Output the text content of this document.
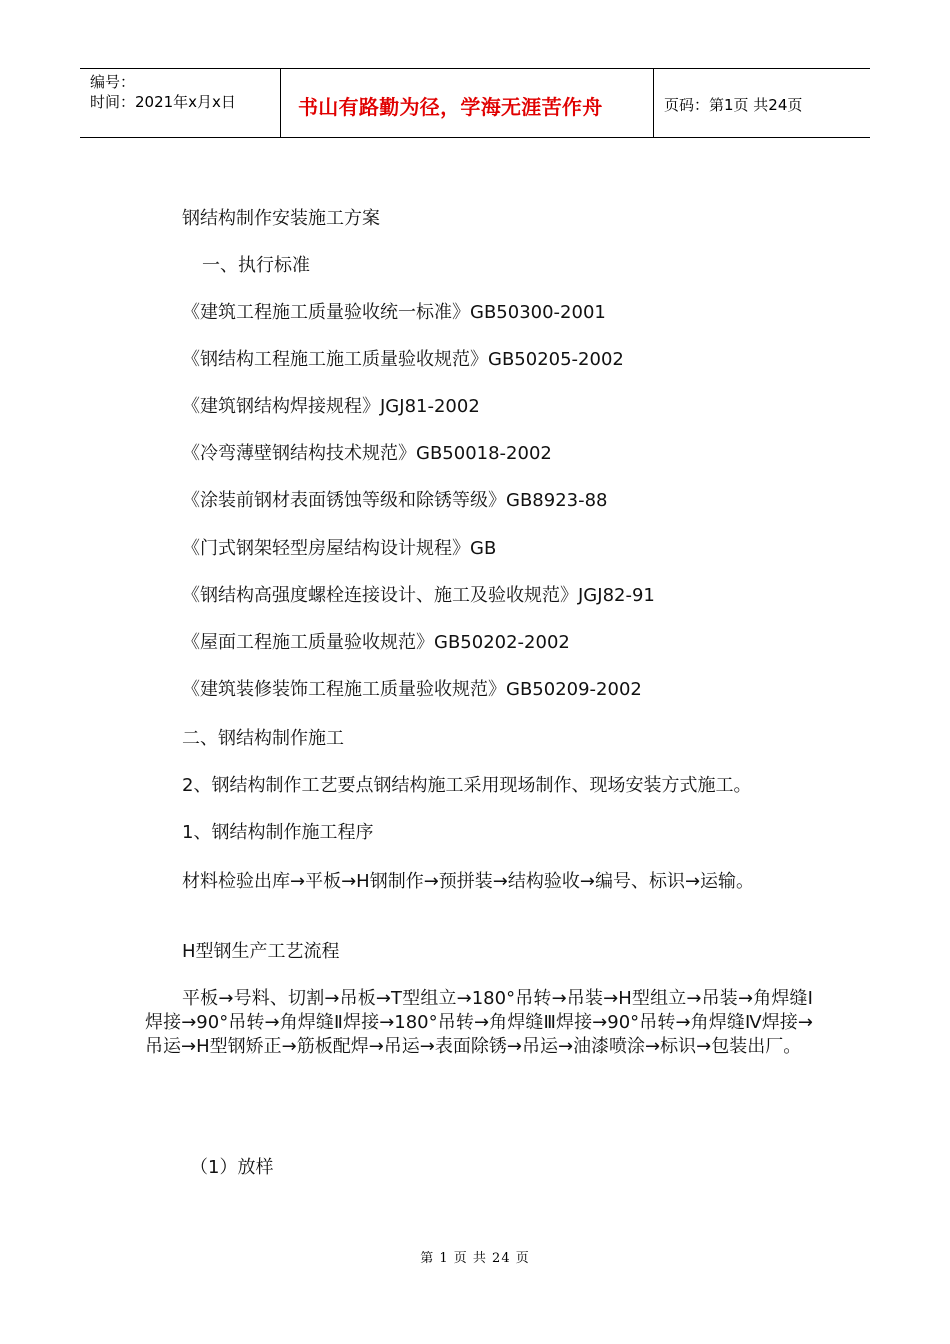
编号：
时间：2021年x月x日	书山有路勤为径，学海无涯苦作舟	页码：第1页 共24页
钢结构制作安装施工方案
一、执行标准
《建筑工程施工质量验收统一标准》GB50300-2001
《钢结构工程施工施工质量验收规范》GB50205-2002
《建筑钢结构焊接规程》JGJ81-2002
《冷弯薄壁钢结构技术规范》GB50018-2002
《涂装前钢材表面锈蚀等级和除锈等级》GB8923-88
《门式钢架轻型房屋结构设计规程》GB
《钢结构高强度螺栓连接设计、施工及验收规范》JGJ82-91
《屋面工程施工质量验收规范》GB50202-2002
《建筑装修装饰工程施工质量验收规范》GB50209-2002
二、钢结构制作施工
2、钢结构制作工艺要点钢结构施工采用现场制作、现场安装方式施工。
1、钢结构制作施工程序
材料检验出库→平板→H钢制作→预拼装→结构验收→编号、标识→运输。
H型钢生产工艺流程
平板→号料、切割→吊板→T型组立→180°吊转→吊装→H型组立→吊装→角焊缝Ⅰ焊接→90°吊转→角焊缝Ⅱ焊接→180°吊转→角焊缝Ⅲ焊接→90°吊转→角焊缝Ⅳ焊接→吊运→H型钢矫正→筋板配焊→吊运→表面除锈→吊运→油漆喷涂→标识→包装出厂。
（1）放样
第 1 页 共 24 页
